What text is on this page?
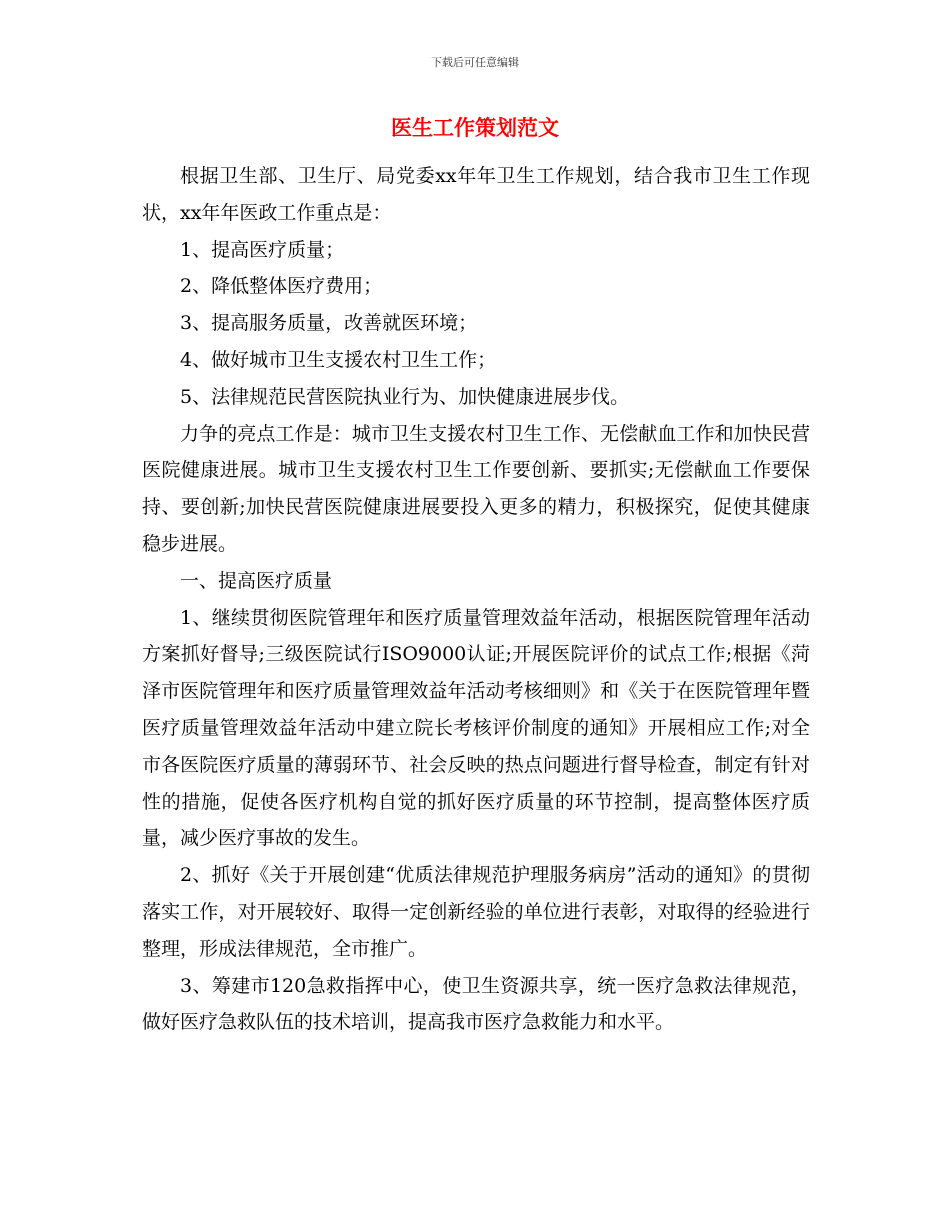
下载后可任意编辑
医生工作策划范文

根据卫生部、卫生厅、局党委xx年年卫生工作规划，结合我市卫生工作现状，xx年年医政工作重点是：

1、提高医疗质量；

2、降低整体医疗费用；

3、提高服务质量，改善就医环境；

4、做好城市卫生支援农村卫生工作；

5、法律规范民营医院执业行为、加快健康进展步伐。

力争的亮点工作是：城市卫生支援农村卫生工作、无偿献血工作和加快民营医院健康进展。城市卫生支援农村卫生工作要创新、要抓实;无偿献血工作要保持、要创新;加快民营医院健康进展要投入更多的精力，积极探究，促使其健康稳步进展。

一、提高医疗质量

1、继续贯彻医院管理年和医疗质量管理效益年活动，根据医院管理年活动方案抓好督导;三级医院试行ISO9000认证;开展医院评价的试点工作;根据《菏泽市医院管理年和医疗质量管理效益年活动考核细则》和《关于在医院管理年暨医疗质量管理效益年活动中建立院长考核评价制度的通知》开展相应工作;对全市各医院医疗质量的薄弱环节、社会反映的热点问题进行督导检查，制定有针对性的措施，促使各医疗机构自觉的抓好医疗质量的环节控制，提高整体医疗质量，减少医疗事故的发生。

2、抓好《关于开展创建“优质法律规范护理服务病房”活动的通知》的贯彻落实工作，对开展较好、取得一定创新经验的单位进行表彰，对取得的经验进行整理，形成法律规范，全市推广。

3、筹建市120急救指挥中心，使卫生资源共享，统一医疗急救法律规范，做好医疗急救队伍的技术培训，提高我市医疗急救能力和水平。
